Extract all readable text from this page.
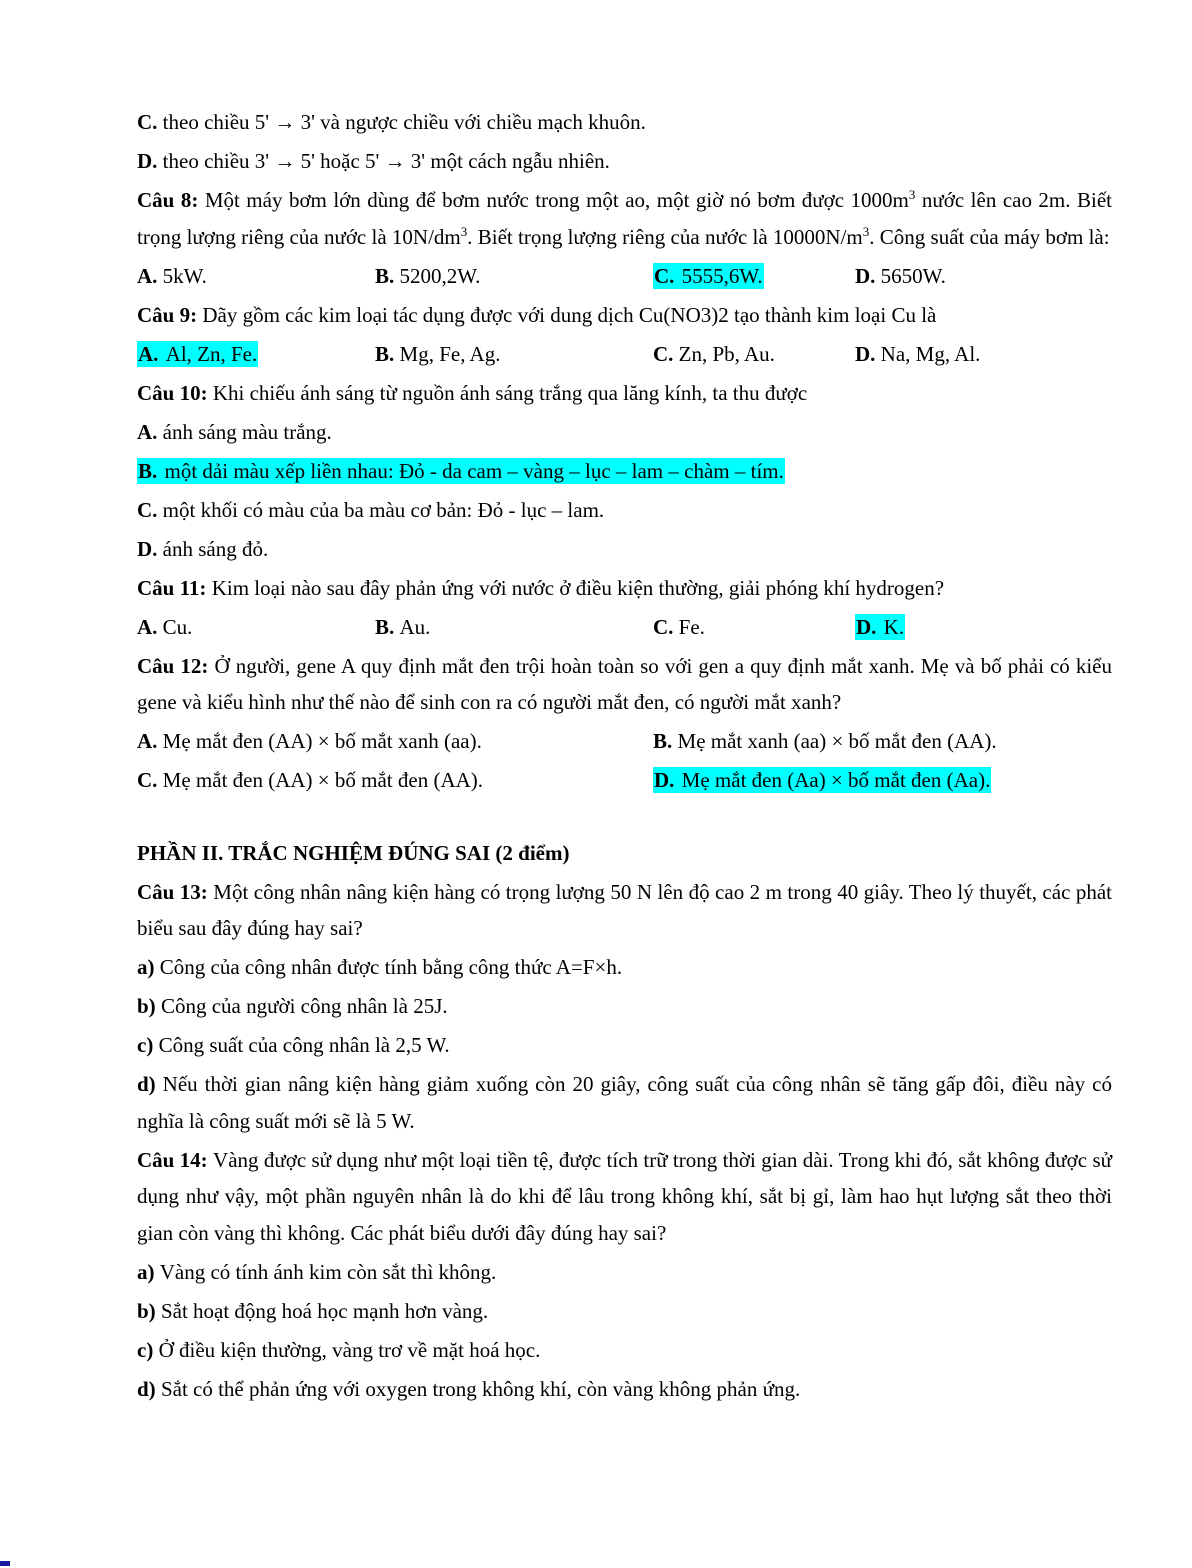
C. theo chiều 5' → 3' và ngược chiều với chiều mạch khuôn.

D. theo chiều 3' → 5' hoặc 5' → 3' một cách ngẫu nhiên.

Câu 8: Một máy bơm lớn dùng để bơm nước trong một ao, một giờ nó bơm được $1000m^3$ nước lên cao 2m. Biết trọng lượng riêng của nước là $10N/dm^3$. Biết trọng lượng riêng của nước là $10000N/m^3$. Công suất của máy bơm là:

A. 5kW.	B. 5200,2W.	C. 5555,6W.	D. 5650W.

Câu 9: Dãy gồm các kim loại tác dụng được với dung dịch Cu(NO3)2 tạo thành kim loại Cu là

A. Al, Zn, Fe.	B. Mg, Fe, Ag.	C. Zn, Pb, Au.	D. Na, Mg, Al.

Câu 10: Khi chiếu ánh sáng từ nguồn ánh sáng trắng qua lăng kính, ta thu được

A. ánh sáng màu trắng.

B. một dải màu xếp liền nhau: Đỏ - da cam – vàng – lục – lam – chàm – tím.

C. một khối có màu của ba màu cơ bản: Đỏ - lục – lam.

D. ánh sáng đỏ.

Câu 11: Kim loại nào sau đây phản ứng với nước ở điều kiện thường, giải phóng khí hydrogen?

A. Cu.	B. Au.	C. Fe.	D. K.

Câu 12: Ở người, gene A quy định mắt đen trội hoàn toàn so với gen a quy định mắt xanh. Mẹ và bố phải có kiểu gene và kiểu hình như thế nào để sinh con ra có người mắt đen, có người mắt xanh?

A. Mẹ mắt đen (AA) × bố mắt xanh (aa).	B. Mẹ mắt xanh (aa) × bố mắt đen (AA).
C. Mẹ mắt đen (AA) × bố mắt đen (AA).	D. Mẹ mắt đen (Aa) × bố mắt đen (Aa).

PHẦN II. TRẮC NGHIỆM ĐÚNG SAI (2 điểm)

Câu 13: Một công nhân nâng kiện hàng có trọng lượng 50 N lên độ cao 2 m trong 40 giây. Theo lý thuyết, các phát biểu sau đây đúng hay sai?

a) Công của công nhân được tính bằng công thức A=F×h.

b) Công của người công nhân là 25J.

c) Công suất của công nhân là 2,5 W.

d) Nếu thời gian nâng kiện hàng giảm xuống còn 20 giây, công suất của công nhân sẽ tăng gấp đôi, điều này có nghĩa là công suất mới sẽ là 5 W.

Câu 14: Vàng được sử dụng như một loại tiền tệ, được tích trữ trong thời gian dài. Trong khi đó, sắt không được sử dụng như vậy, một phần nguyên nhân là do khi để lâu trong không khí, sắt bị gỉ, làm hao hụt lượng sắt theo thời gian còn vàng thì không. Các phát biểu dưới đây đúng hay sai?

a) Vàng có tính ánh kim còn sắt thì không.

b) Sắt hoạt động hoá học mạnh hơn vàng.

c) Ở điều kiện thường, vàng trơ về mặt hoá học.

d) Sắt có thể phản ứng với oxygen trong không khí, còn vàng không phản ứng.
